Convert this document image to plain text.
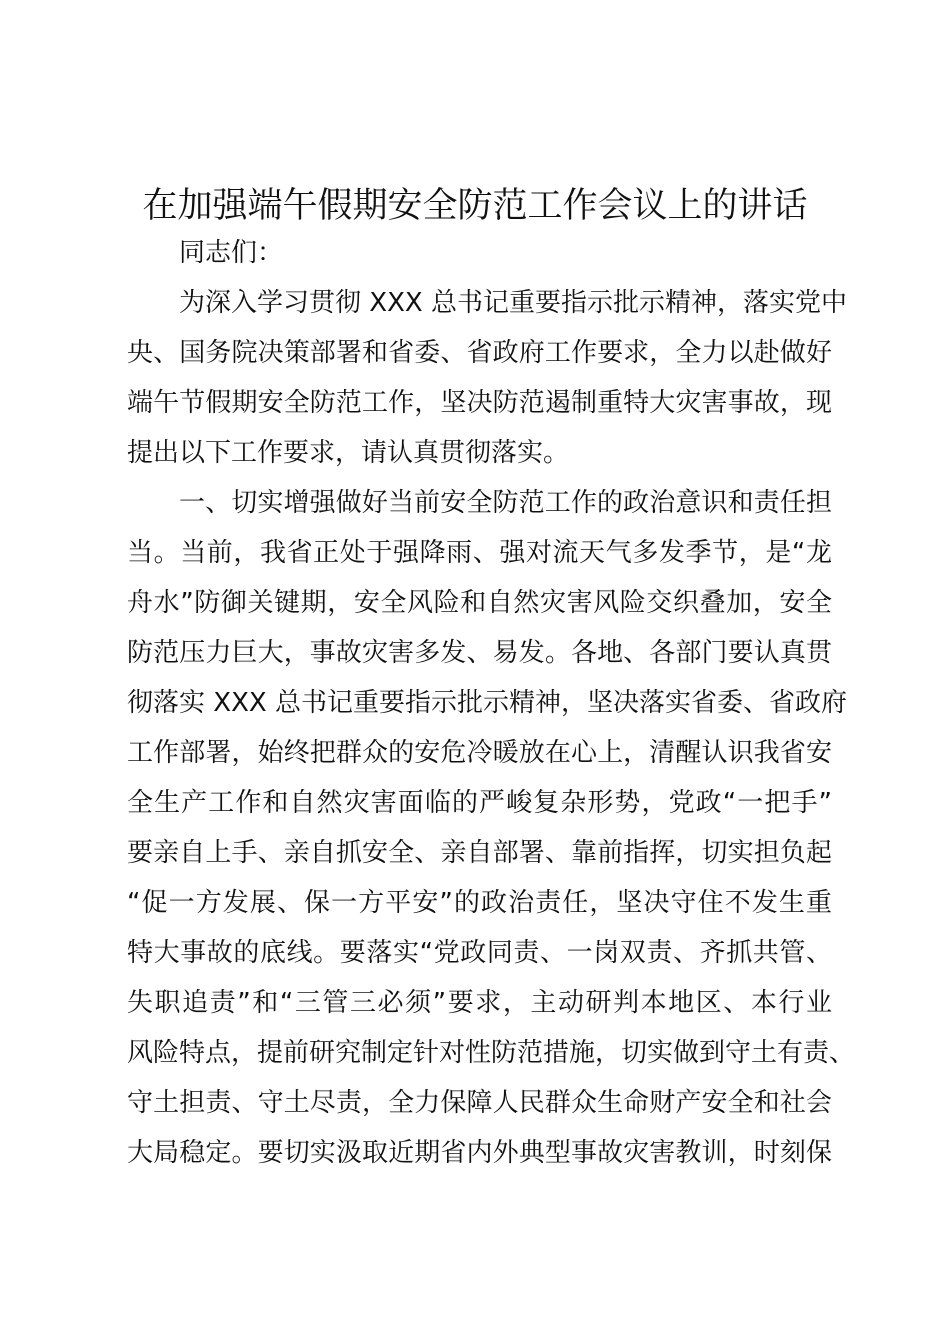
在加强端午假期安全防范工作会议上的讲话
同志们：
为深入学习贯彻 XXX 总书记重要指示批示精神，落实党中
央、国务院决策部署和省委、省政府工作要求，全力以赴做好
端午节假期安全防范工作，坚决防范遏制重特大灾害事故，现
提出以下工作要求，请认真贯彻落实。
一、切实增强做好当前安全防范工作的政治意识和责任担
当。当前，我省正处于强降雨、强对流天气多发季节，是“龙
舟水”防御关键期，安全风险和自然灾害风险交织叠加，安全
防范压力巨大，事故灾害多发、易发。各地、各部门要认真贯
彻落实 XXX 总书记重要指示批示精神，坚决落实省委、省政府
工作部署，始终把群众的安危冷暖放在心上，清醒认识我省安
全生产工作和自然灾害面临的严峻复杂形势，党政“一把手”
要亲自上手、亲自抓安全、亲自部署、靠前指挥，切实担负起
“促一方发展、保一方平安”的政治责任，坚决守住不发生重
特大事故的底线。要落实“党政同责、一岗双责、齐抓共管、
失职追责”和“三管三必须”要求，主动研判本地区、本行业
风险特点，提前研究制定针对性防范措施，切实做到守土有责、
守土担责、守土尽责，全力保障人民群众生命财产安全和社会
大局稳定。要切实汲取近期省内外典型事故灾害教训，时刻保
